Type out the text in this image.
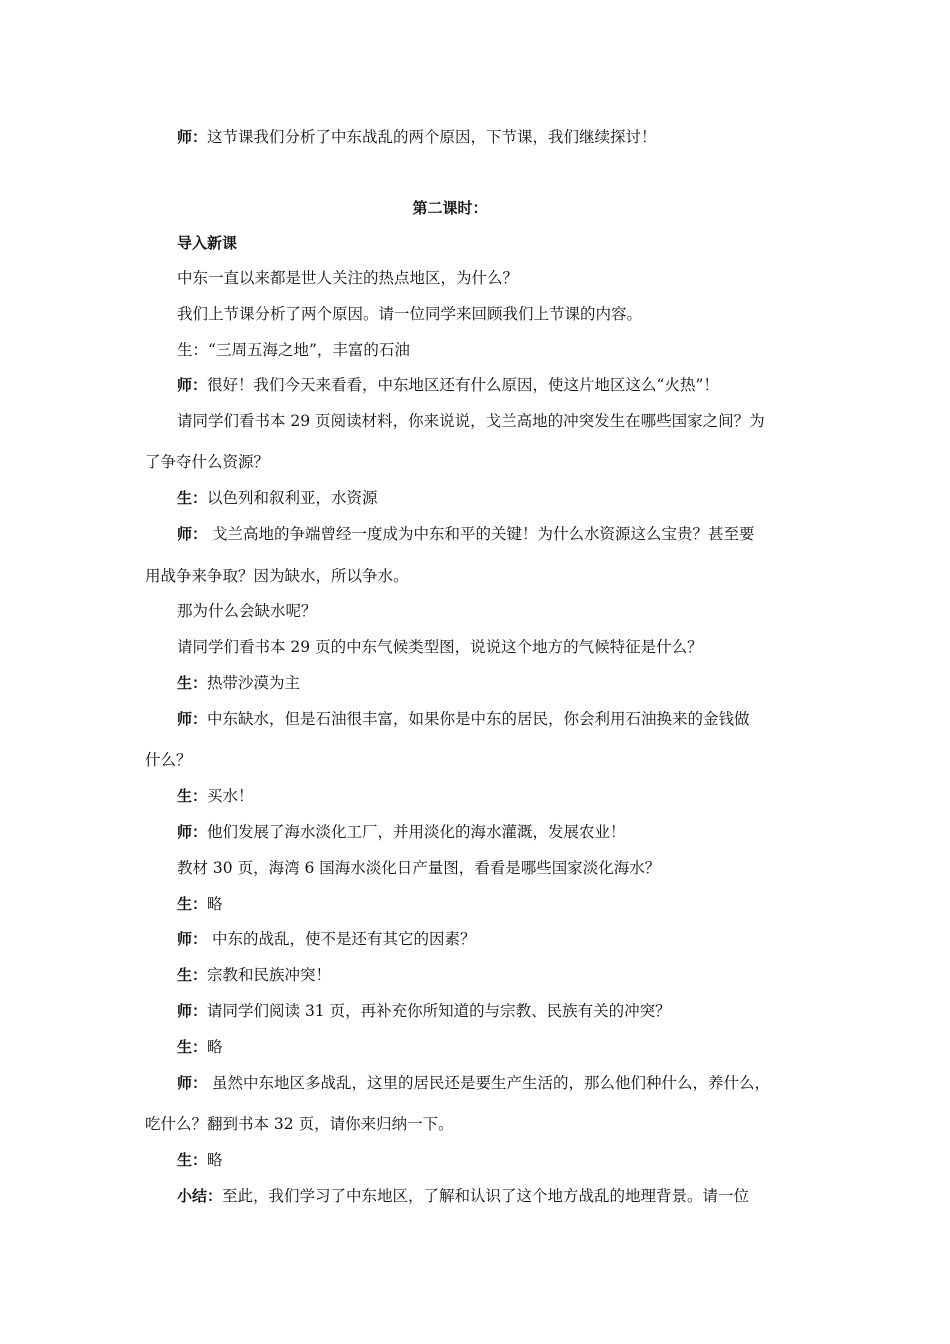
师：这节课我们分析了中东战乱的两个原因，下节课，我们继续探讨！
第二课时：
导入新课
中东一直以来都是世人关注的热点地区，为什么？
我们上节课分析了两个原因。请一位同学来回顾我们上节课的内容。
生：“三周五海之地”，丰富的石油
师：很好！我们今天来看看，中东地区还有什么原因，使这片地区这么“火热”！
请同学们看书本 29 页阅读材料，你来说说，戈兰高地的冲突发生在哪些国家之间？为
了争夺什么资源？
生：以色列和叙利亚，水资源
师： 戈兰高地的争端曾经一度成为中东和平的关键！为什么水资源这么宝贵？甚至要
用战争来争取？因为缺水，所以争水。
那为什么会缺水呢？
请同学们看书本 29 页的中东气候类型图，说说这个地方的气候特征是什么？
生：热带沙漠为主
师：中东缺水，但是石油很丰富，如果你是中东的居民，你会利用石油换来的金钱做
什么？
生：买水！
师：他们发展了海水淡化工厂，并用淡化的海水灌溉，发展农业！
教材 30 页，海湾 6 国海水淡化日产量图，看看是哪些国家淡化海水？
生：略
师： 中东的战乱，使不是还有其它的因素？
生：宗教和民族冲突！
师：请同学们阅读 31 页，再补充你所知道的与宗教、民族有关的冲突？
生：略
师： 虽然中东地区多战乱，这里的居民还是要生产生活的，那么他们种什么，养什么，
吃什么？翻到书本 32 页，请你来归纳一下。
生：略
小结：至此，我们学习了中东地区，了解和认识了这个地方战乱的地理背景。请一位
